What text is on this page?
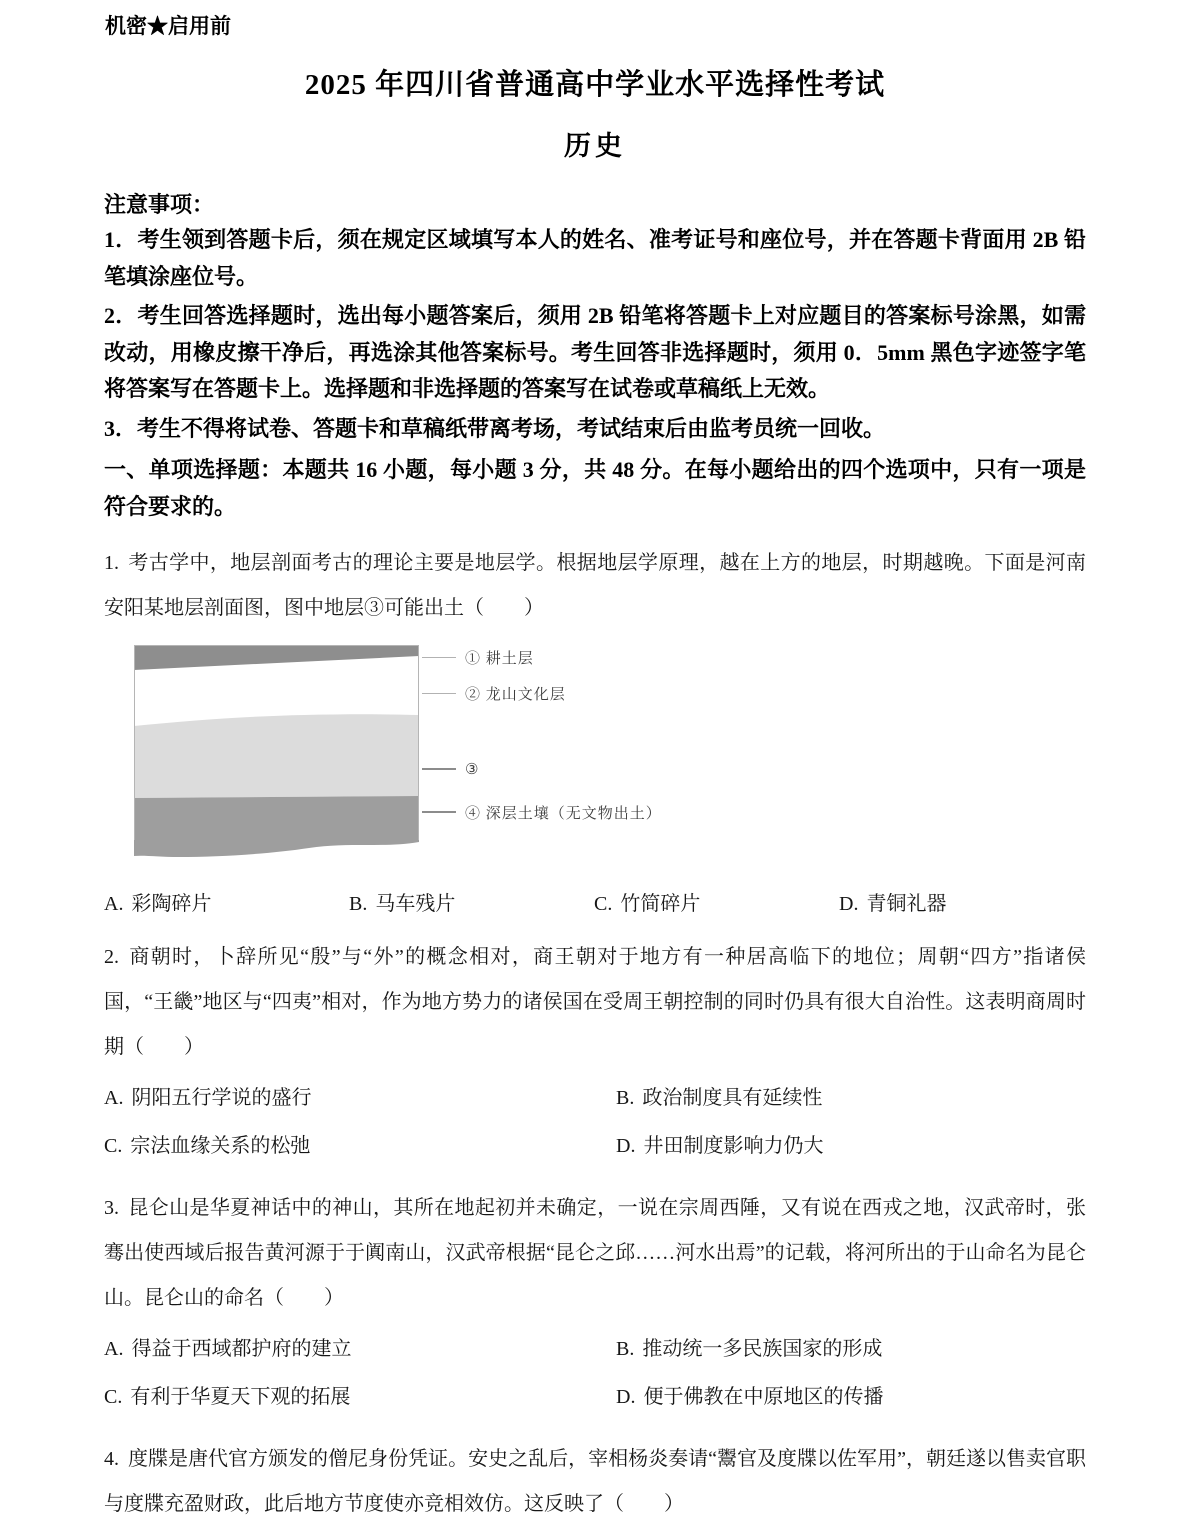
机密★启用前
2025 年四川省普通高中学业水平选择性考试
历史
注意事项：

1．考生领到答题卡后，须在规定区域填写本人的姓名、准考证号和座位号，并在答题卡背面用 2B 铅笔填涂座位号。

2．考生回答选择题时，选出每小题答案后，须用 2B 铅笔将答题卡上对应题目的答案标号涂黑，如需改动，用橡皮擦干净后，再选涂其他答案标号。考生回答非选择题时，须用 0．5mm 黑色字迹签字笔将答案写在答题卡上。选择题和非选择题的答案写在试卷或草稿纸上无效。

3．考生不得将试卷、答题卡和草稿纸带离考场，考试结束后由监考员统一回收。

一、单项选择题：本题共 16 小题，每小题 3 分，共 48 分。在每小题给出的四个选项中，只有一项是符合要求的。

1. 考古学中，地层剖面考古的理论主要是地层学。根据地层学原理，越在上方的地层，时期越晚。下面是河南安阳某地层剖面图，图中地层③可能出土（　　）

① 耕土层
② 龙山文化层
③
④ 深层土壤（无文物出土）
A. 彩陶碎片	B. 马车残片	C. 竹简碎片	D. 青铜礼器

2. 商朝时，卜辞所见“殷”与“外”的概念相对，商王朝对于地方有一种居高临下的地位；周朝“四方”指诸侯国，“王畿”地区与“四夷”相对，作为地方势力的诸侯国在受周王朝控制的同时仍具有很大自治性。这表明商周时期（　　）

A. 阴阳五行学说的盛行	B. 政治制度具有延续性
C. 宗法血缘关系的松弛	D. 井田制度影响力仍大

3. 昆仑山是华夏神话中的神山，其所在地起初并未确定，一说在宗周西陲，又有说在西戎之地，汉武帝时，张骞出使西域后报告黄河源于于阗南山，汉武帝根据“昆仑之邱……河水出焉”的记载，将河所出的于山命名为昆仑山。昆仑山的命名（　　）

A. 得益于西域都护府的建立	B. 推动统一多民族国家的形成
C. 有利于华夏天下观的拓展	D. 便于佛教在中原地区的传播

4. 度牒是唐代官方颁发的僧尼身份凭证。安史之乱后，宰相杨炎奏请“鬻官及度牒以佐军用”，朝廷遂以售卖官职与度牒充盈财政，此后地方节度使亦竞相效仿。这反映了（　　）
